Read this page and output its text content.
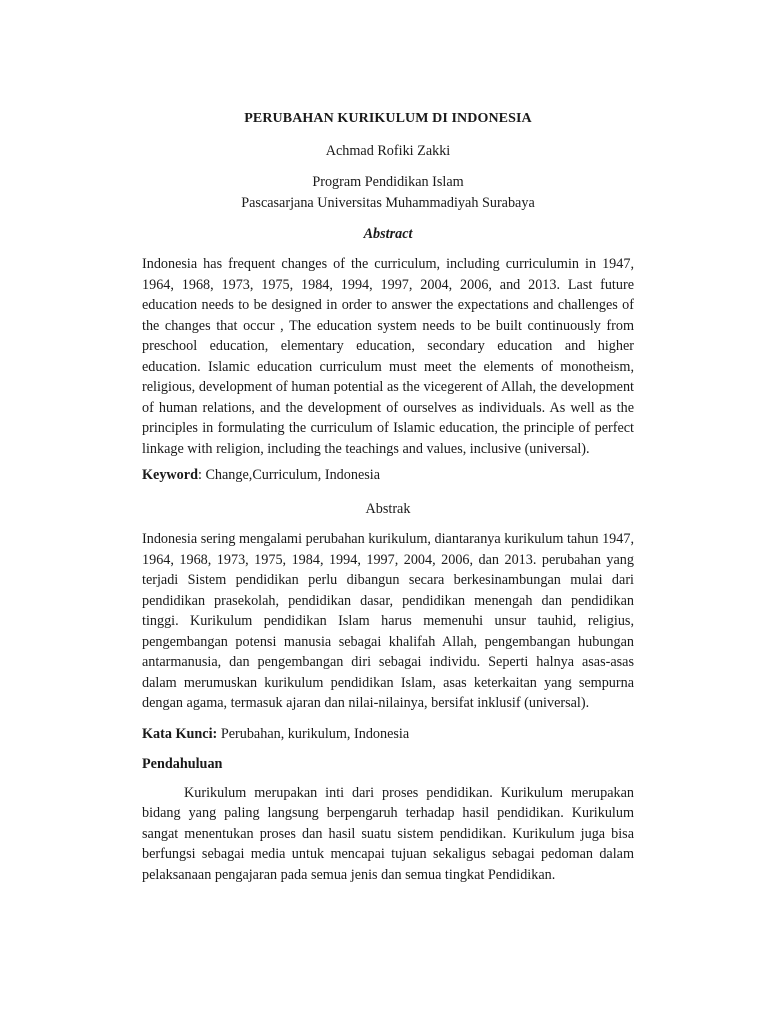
PERUBAHAN KURIKULUM DI INDONESIA
Achmad Rofiki Zakki
Program Pendidikan Islam
Pascasarjana Universitas Muhammadiyah Surabaya
Abstract

Indonesia has frequent changes of the curriculum, including curriculumin in 1947, 1964, 1968, 1973, 1975, 1984, 1994, 1997, 2004, 2006, and 2013. Last future education needs to be designed in order to answer the expectations and challenges of the changes that occur , The education system needs to be built continuously from preschool education, elementary education, secondary education and higher education. Islamic education curriculum must meet the elements of monotheism, religious, development of human potential as the vicegerent of Allah, the development of human relations, and the development of ourselves as individuals. As well as the principles in formulating the curriculum of Islamic education, the principle of perfect linkage with religion, including the teachings and values, inclusive (universal).

Keyword: Change,Curriculum, Indonesia
Abstrak

Indonesia sering mengalami perubahan kurikulum, diantaranya kurikulum tahun 1947, 1964, 1968, 1973, 1975, 1984, 1994, 1997, 2004, 2006, dan 2013. perubahan yang terjadi Sistem pendidikan perlu dibangun secara berkesinambungan mulai dari pendidikan prasekolah, pendidikan dasar, pendidikan menengah dan pendidikan tinggi. Kurikulum pendidikan Islam harus memenuhi unsur tauhid, religius, pengembangan potensi manusia sebagai khalifah Allah, pengembangan hubungan antarmanusia, dan pengembangan diri sebagai individu. Seperti halnya asas-asas dalam merumuskan kurikulum pendidikan Islam, asas keterkaitan yang sempurna dengan agama, termasuk ajaran dan nilai-nilainya, bersifat inklusif (universal).

Kata Kunci: Perubahan, kurikulum, Indonesia
Pendahuluan

Kurikulum merupakan inti dari proses pendidikan. Kurikulum merupakan bidang yang paling langsung berpengaruh terhadap hasil pendidikan. Kurikulum sangat menentukan proses dan hasil suatu sistem pendidikan. Kurikulum juga bisa berfungsi sebagai media untuk mencapai tujuan sekaligus sebagai pedoman dalam pelaksanaan pengajaran pada semua jenis dan semua tingkat Pendidikan.
